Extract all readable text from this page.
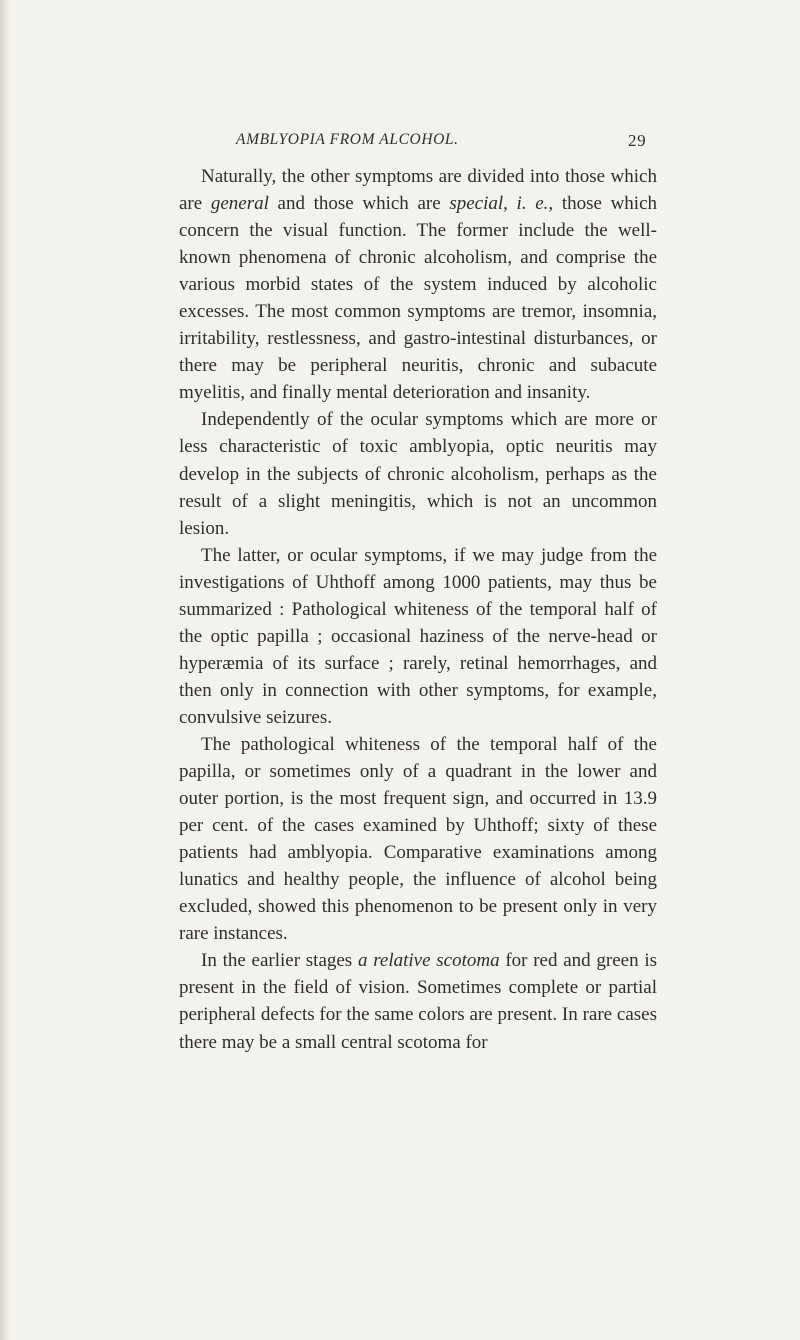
AMBLYOPIA FROM ALCOHOL.	29

Naturally, the other symptoms are divided into those which are general and those which are special, i. e., those which concern the visual function. The former include the well-known phenomena of chronic alcoholism, and comprise the various morbid states of the system induced by alcoholic excesses. The most common symptoms are tremor, insomnia, irritability, restlessness, and gastro-intestinal disturbances, or there may be peripheral neuritis, chronic and subacute myelitis, and finally mental deterioration and insanity.

Independently of the ocular symptoms which are more or less characteristic of toxic amblyopia, optic neuritis may develop in the subjects of chronic alcoholism, perhaps as the result of a slight meningitis, which is not an uncommon lesion.

The latter, or ocular symptoms, if we may judge from the investigations of Uhthoff among 1000 patients, may thus be summarized : Pathological whiteness of the temporal half of the optic papilla ; occasional haziness of the nerve-head or hyperæmia of its surface ; rarely, retinal hemorrhages, and then only in connection with other symptoms, for example, convulsive seizures.

The pathological whiteness of the temporal half of the papilla, or sometimes only of a quadrant in the lower and outer portion, is the most frequent sign, and occurred in 13.9 per cent. of the cases examined by Uhthoff; sixty of these patients had amblyopia. Comparative examinations among lunatics and healthy people, the influence of alcohol being excluded, showed this phenomenon to be present only in very rare instances.

In the earlier stages a relative scotoma for red and green is present in the field of vision. Sometimes complete or partial peripheral defects for the same colors are present. In rare cases there may be a small central scotoma for
